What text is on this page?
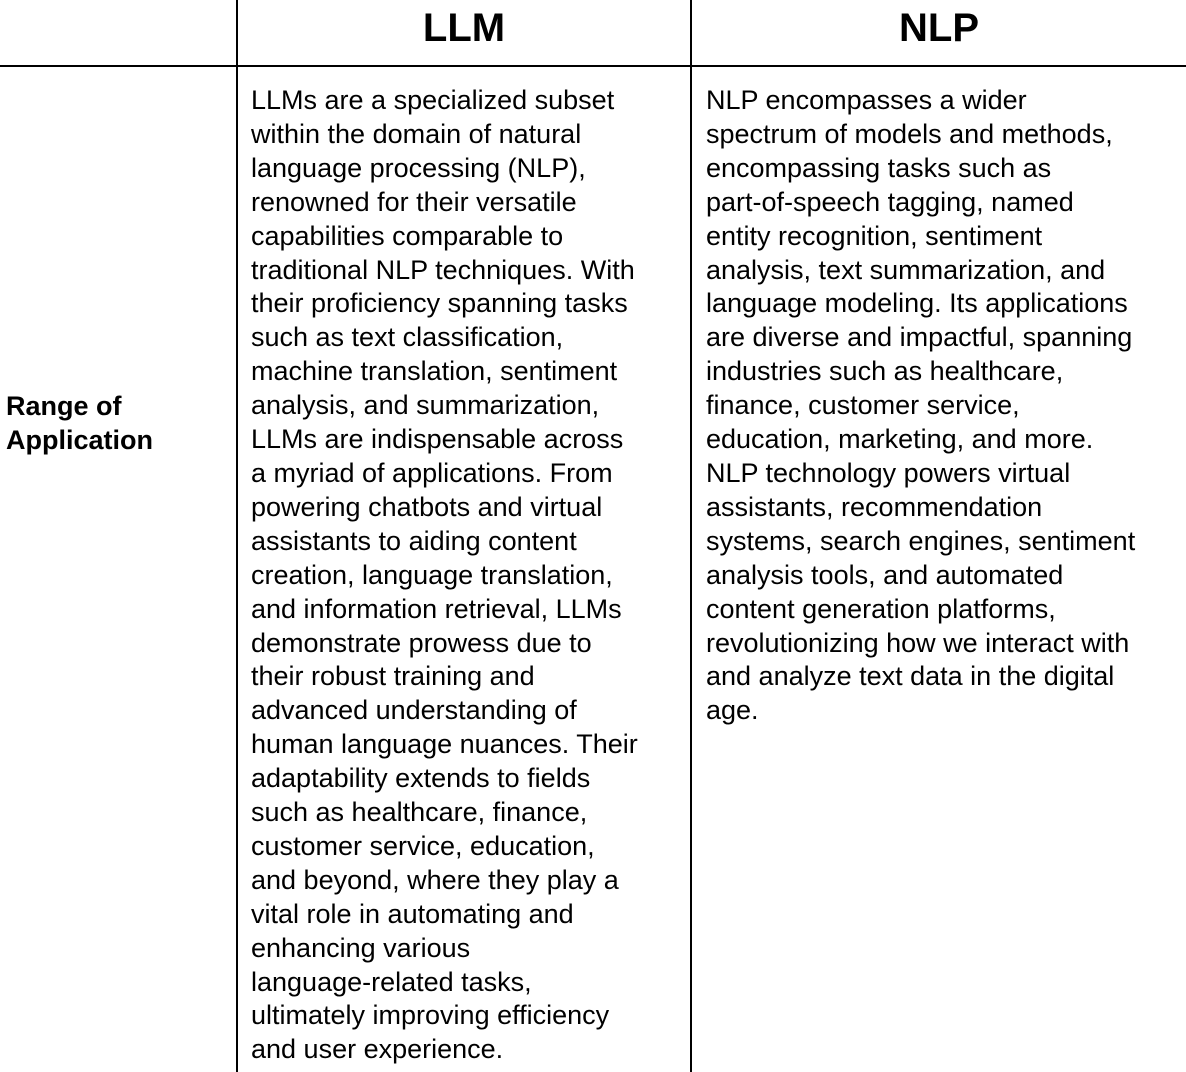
LLM	NLP
Range of
Application
LLMs are a specialized subset
within the domain of natural
language processing (NLP),
renowned for their versatile
capabilities comparable to
traditional NLP techniques. With
their proficiency spanning tasks
such as text classification,
machine translation, sentiment
analysis, and summarization,
LLMs are indispensable across
a myriad of applications. From
powering chatbots and virtual
assistants to aiding content
creation, language translation,
and information retrieval, LLMs
demonstrate prowess due to
their robust training and
advanced understanding of
human language nuances. Their
adaptability extends to fields
such as healthcare, finance,
customer service, education,
and beyond, where they play a
vital role in automating and
enhancing various
language-related tasks,
ultimately improving efficiency
and user experience.
NLP encompasses a wider
spectrum of models and methods,
encompassing tasks such as
part-of-speech tagging, named
entity recognition, sentiment
analysis, text summarization, and
language modeling. Its applications
are diverse and impactful, spanning
industries such as healthcare,
finance, customer service,
education, marketing, and more.
NLP technology powers virtual
assistants, recommendation
systems, search engines, sentiment
analysis tools, and automated
content generation platforms,
revolutionizing how we interact with
and analyze text data in the digital
age.
